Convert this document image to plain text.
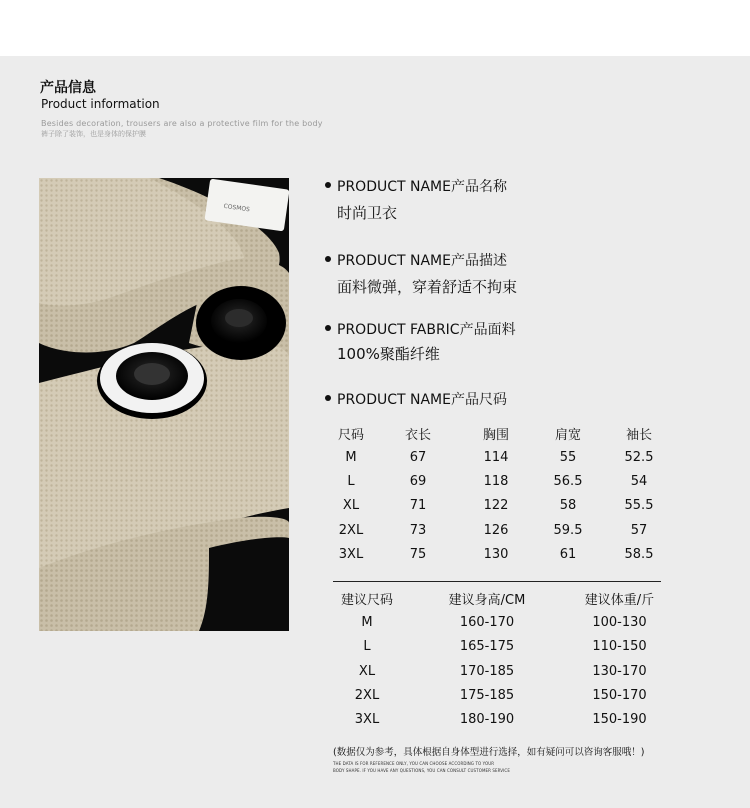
产品信息
Product information
Besides decoration, trousers are also a protective film for the body
裤子除了装饰，也是身体的保护膜
COSMOS
PRODUCT NAME产品名称
时尚卫衣
PRODUCT NAME产品描述
面料微弹，穿着舒适不拘束
PRODUCT FABRIC产品面料
100%聚酯纤维
PRODUCT NAME产品尺码
尺码	衣长	胸围	肩宽	袖长
M	67	114	55	52.5
L	69	118	56.5	54
XL	71	122	58	55.5
2XL	73	126	59.5	57
3XL	75	130	61	58.5
建议尺码	建议身高/CM	建议体重/斤
M	160-170	100-130
L	165-175	110-150
XL	170-185	130-170
2XL	175-185	150-170
3XL	180-190	150-190
(数据仅为参考，具体根据自身体型进行选择，如有疑问可以咨询客服哦！)
THE DATA IS FOR REFERENCE ONLY, YOU CAN CHOOSE ACCORDING TO YOUR
BODY SHAPE. IF YOU HAVE ANY QUESTIONS, YOU CAN CONSULT CUSTOMER SERVICE
